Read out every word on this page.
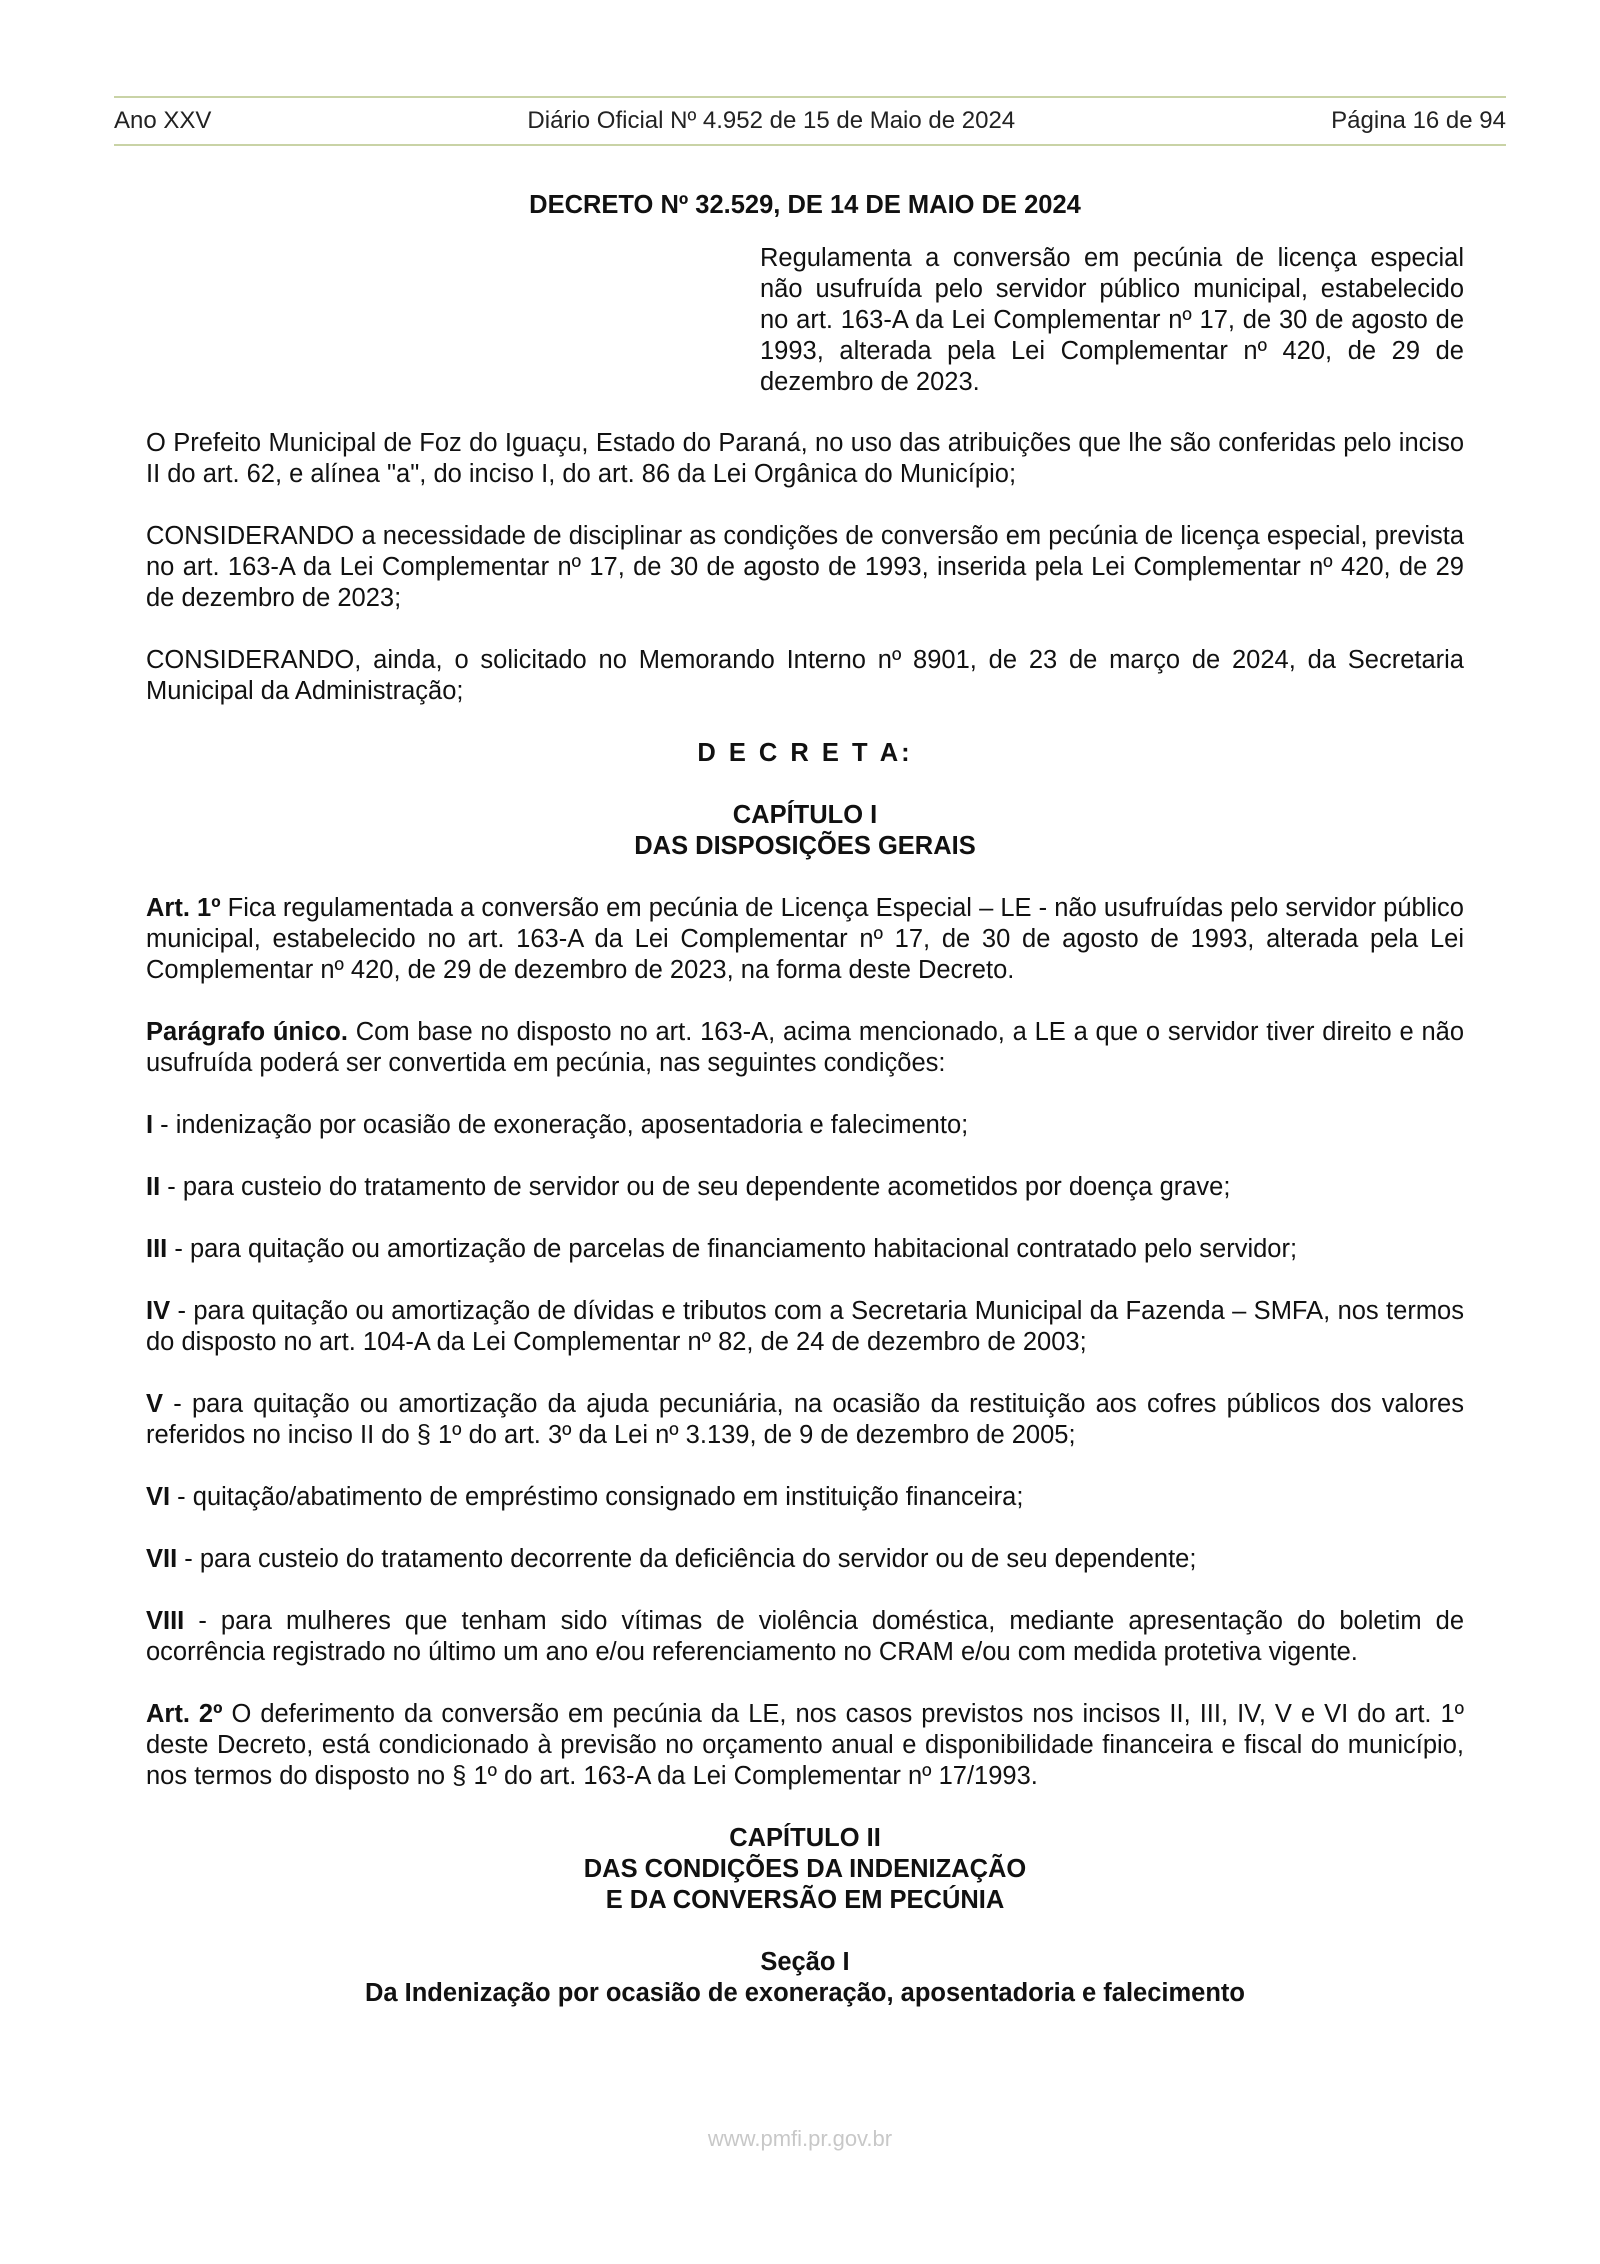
Ano XXV	Diário Oficial Nº 4.952 de 15 de Maio de 2024	Página 16 de 94
DECRETO Nº 32.529, DE 14 DE MAIO DE 2024
Regulamenta a conversão em pecúnia de licença especial não usufruída pelo servidor público municipal, estabelecido no art. 163-A da Lei Complementar nº 17, de 30 de agosto de 1993, alterada pela Lei Complementar nº 420, de 29 de dezembro de 2023.

O Prefeito Municipal de Foz do Iguaçu, Estado do Paraná, no uso das atribuições que lhe são conferidas pelo inciso II do art. 62, e alínea "a", do inciso I, do art. 86 da Lei Orgânica do Município;

CONSIDERANDO a necessidade de disciplinar as condições de conversão em pecúnia de licença especial, prevista no art. 163-A da Lei Complementar nº 17, de 30 de agosto de 1993, inserida pela Lei Complementar nº 420, de 29 de dezembro de 2023;

CONSIDERANDO, ainda, o solicitado no Memorando Interno nº 8901, de 23 de março de 2024, da Secretaria Municipal da Administração;

D E C R E T A:
CAPÍTULO I
DAS DISPOSIÇÕES GERAIS

Art. 1º Fica regulamentada a conversão em pecúnia de Licença Especial – LE - não usufruídas pelo servidor público municipal, estabelecido no art. 163-A da Lei Complementar nº 17, de 30 de agosto de 1993, alterada pela Lei Complementar nº 420, de 29 de dezembro de 2023, na forma deste Decreto.

Parágrafo único. Com base no disposto no art. 163-A, acima mencionado, a LE a que o servidor tiver direito e não usufruída poderá ser convertida em pecúnia, nas seguintes condições:

I - indenização por ocasião de exoneração, aposentadoria e falecimento;

II - para custeio do tratamento de servidor ou de seu dependente acometidos por doença grave;

III - para quitação ou amortização de parcelas de financiamento habitacional contratado pelo servidor;

IV - para quitação ou amortização de dívidas e tributos com a Secretaria Municipal da Fazenda – SMFA, nos termos do disposto no art. 104-A da Lei Complementar nº 82, de 24 de dezembro de 2003;

V - para quitação ou amortização da ajuda pecuniária, na ocasião da restituição aos cofres públicos dos valores referidos no inciso II do § 1º do art. 3º da Lei nº 3.139, de 9 de dezembro de 2005;

VI - quitação/abatimento de empréstimo consignado em instituição financeira;

VII - para custeio do tratamento decorrente da deficiência do servidor ou de seu dependente;

VIII - para mulheres que tenham sido vítimas de violência doméstica, mediante apresentação do boletim de ocorrência registrado no último um ano e/ou referenciamento no CRAM e/ou com medida protetiva vigente.

Art. 2º O deferimento da conversão em pecúnia da LE, nos casos previstos nos incisos II, III, IV, V e VI do art. 1º deste Decreto, está condicionado à previsão no orçamento anual e disponibilidade financeira e fiscal do município, nos termos do disposto no § 1º do art. 163-A da Lei Complementar nº 17/1993.

CAPÍTULO II
DAS CONDIÇÕES DA INDENIZAÇÃO
E DA CONVERSÃO EM PECÚNIA
Seção I
Da Indenização por ocasião de exoneração, aposentadoria e falecimento
www.pmfi.pr.gov.br
